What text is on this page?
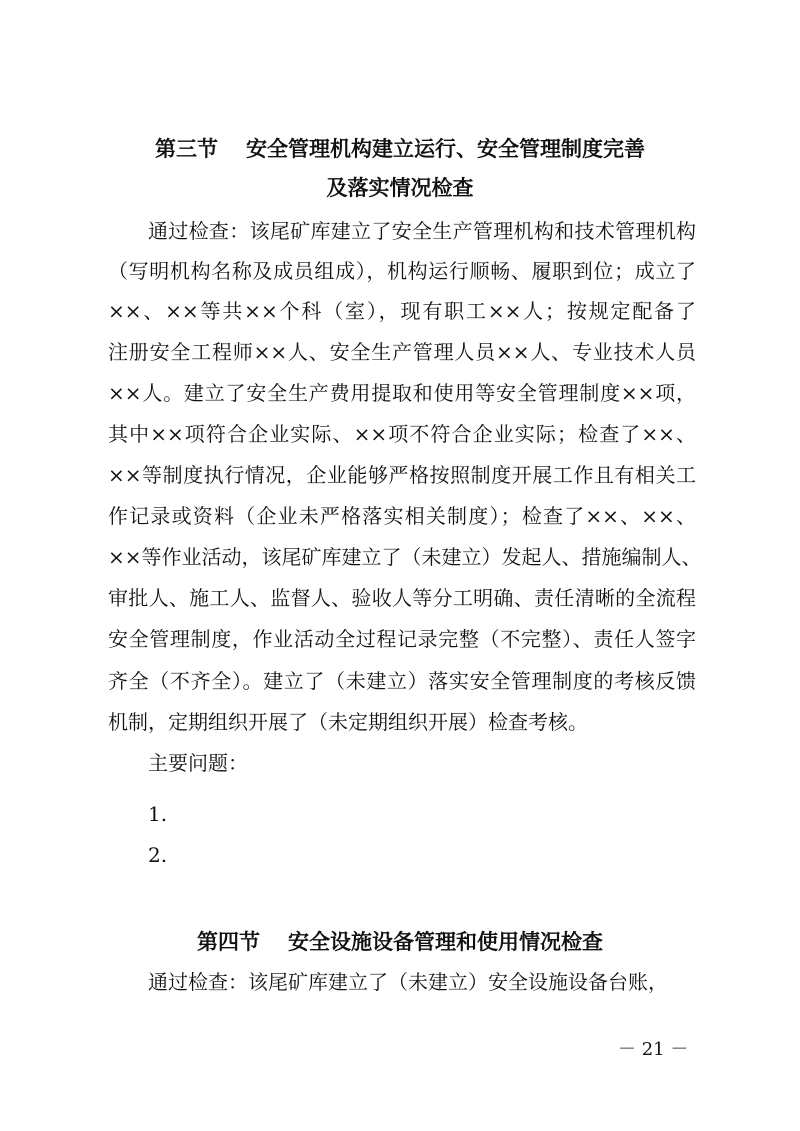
第三节 安全管理机构建立运行、安全管理制度完善
及落实情况检查
通过检查：该尾矿库建立了安全生产管理机构和技术管理机构
（写明机构名称及成员组成），机构运行顺畅、履职到位；成立了
××、××等共××个科（室），现有职工××人；按规定配备了
注册安全工程师××人、安全生产管理人员××人、专业技术人员
××人。建立了安全生产费用提取和使用等安全管理制度××项，
其中××项符合企业实际、××项不符合企业实际；检查了××、
××等制度执行情况，企业能够严格按照制度开展工作且有相关工
作记录或资料（企业未严格落实相关制度）；检查了××、××、
××等作业活动，该尾矿库建立了（未建立）发起人、措施编制人、
审批人、施工人、监督人、验收人等分工明确、责任清晰的全流程
安全管理制度，作业活动全过程记录完整（不完整）、责任人签字
齐全（不齐全）。建立了（未建立）落实安全管理制度的考核反馈
机制，定期组织开展了（未定期组织开展）检查考核。
主要问题：
1.
2.
第四节 安全设施设备管理和使用情况检查
通过检查：该尾矿库建立了（未建立）安全设施设备台账，
－ 21 －
